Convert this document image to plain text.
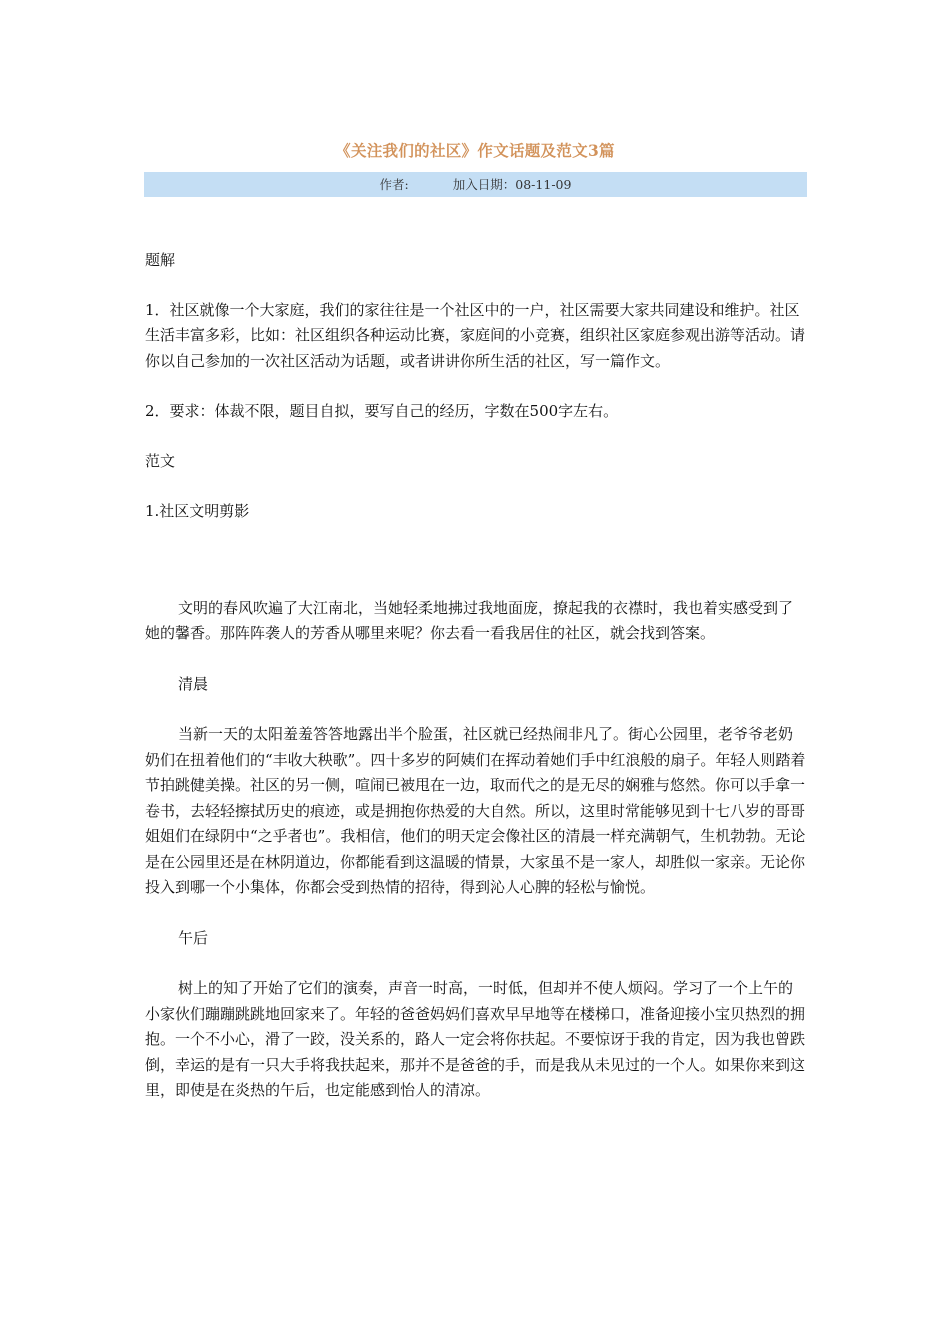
《关注我们的社区》作文话题及范文3篇
作者:	加入日期：08-11-09

题解

1．社区就像一个大家庭，我们的家往往是一个社区中的一户，社区需要大家共同建设和维护。社区生活丰富多彩，比如：社区组织各种运动比赛，家庭间的小竞赛，组织社区家庭参观出游等活动。请你以自己参加的一次社区活动为话题，或者讲讲你所生活的社区，写一篇作文。

2．要求：体裁不限，题目自拟，要写自己的经历，字数在500字左右。

范文

1.社区文明剪影

文明的春风吹遍了大江南北，当她轻柔地拂过我地面庞，撩起我的衣襟时，我也着实感受到了她的馨香。那阵阵袭人的芳香从哪里来呢？你去看一看我居住的社区，就会找到答案。

清晨

当新一天的太阳羞羞答答地露出半个脸蛋，社区就已经热闹非凡了。街心公园里，老爷爷老奶奶们在扭着他们的“丰收大秧歌”。四十多岁的阿姨们在挥动着她们手中红浪般的扇子。年轻人则踏着节拍跳健美操。社区的另一侧，喧闹已被甩在一边，取而代之的是无尽的娴雅与悠然。你可以手拿一卷书，去轻轻擦拭历史的痕迹，或是拥抱你热爱的大自然。所以，这里时常能够见到十七八岁的哥哥姐姐们在绿阴中“之乎者也”。我相信，他们的明天定会像社区的清晨一样充满朝气，生机勃勃。无论是在公园里还是在林阴道边，你都能看到这温暖的情景，大家虽不是一家人，却胜似一家亲。无论你投入到哪一个小集体，你都会受到热情的招待，得到沁人心脾的轻松与愉悦。

午后

树上的知了开始了它们的演奏，声音一时高，一时低，但却并不使人烦闷。学习了一个上午的小家伙们蹦蹦跳跳地回家来了。年轻的爸爸妈妈们喜欢早早地等在楼梯口，准备迎接小宝贝热烈的拥抱。一个不小心，滑了一跤，没关系的，路人一定会将你扶起。不要惊讶于我的肯定，因为我也曾跌倒，幸运的是有一只大手将我扶起来，那并不是爸爸的手，而是我从未见过的一个人。如果你来到这里，即使是在炎热的午后，也定能感到怡人的清凉。
